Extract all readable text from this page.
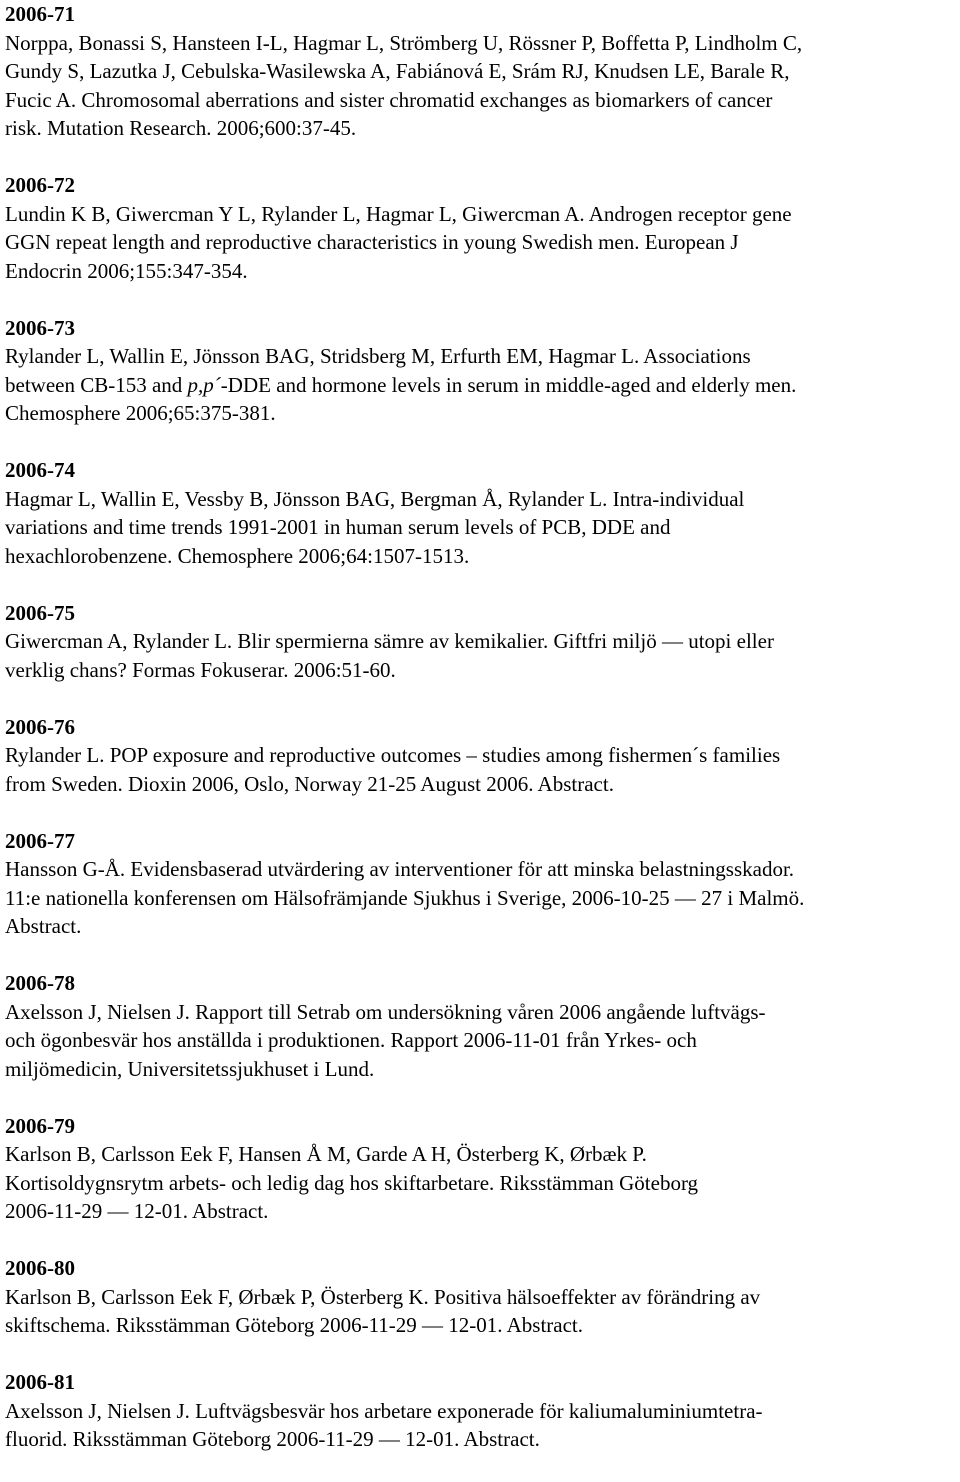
2006-71
Norppa, Bonassi S, Hansteen I-L, Hagmar L, Strömberg U, Rössner P, Boffetta P, Lindholm C,
Gundy S, Lazutka J, Cebulska-Wasilewska A, Fabiánová E, Srám RJ, Knudsen LE, Barale R,
Fucic A. Chromosomal aberrations and sister chromatid exchanges as biomarkers of cancer
risk. Mutation Research. 2006;600:37-45.
2006-72
Lundin K B, Giwercman Y L, Rylander L, Hagmar L, Giwercman A. Androgen receptor gene
GGN repeat length and reproductive characteristics in young Swedish men. European J
Endocrin 2006;155:347-354.
2006-73
Rylander L, Wallin E, Jönsson BAG, Stridsberg M, Erfurth EM, Hagmar L. Associations
between CB-153 and p,p´-DDE and hormone levels in serum in middle-aged and elderly men.
Chemosphere 2006;65:375-381.
2006-74
Hagmar L, Wallin E, Vessby B, Jönsson BAG, Bergman Å, Rylander L. Intra-individual
variations and time trends 1991-2001 in human serum levels of PCB, DDE and
hexachlorobenzene. Chemosphere 2006;64:1507-1513.
2006-75
Giwercman A, Rylander L. Blir spermierna sämre av kemikalier. Giftfri miljö — utopi eller
verklig chans? Formas Fokuserar. 2006:51-60.
2006-76
Rylander L. POP exposure and reproductive outcomes – studies among fishermen´s families
from Sweden. Dioxin 2006, Oslo, Norway 21-25 August 2006. Abstract.
2006-77
Hansson G-Å. Evidensbaserad utvärdering av interventioner för att minska belastningsskador.
11:e nationella konferensen om Hälsofrämjande Sjukhus i Sverige, 2006-10-25 — 27 i Malmö.
Abstract.
2006-78
Axelsson J, Nielsen J. Rapport till Setrab om undersökning våren 2006 angående luftvägs-
och ögonbesvär hos anställda i produktionen. Rapport 2006-11-01 från Yrkes- och
miljömedicin, Universitetssjukhuset i Lund.
2006-79
Karlson B, Carlsson Eek F, Hansen Å M, Garde A H, Österberg K, Ørbæk P.
Kortisoldygnsrytm arbets- och ledig dag hos skiftarbetare. Riksstämman Göteborg
2006-11-29 — 12-01. Abstract.
2006-80
Karlson B, Carlsson Eek F, Ørbæk P, Österberg K. Positiva hälsoeffekter av förändring av
skiftschema. Riksstämman Göteborg 2006-11-29 — 12-01. Abstract.
2006-81
Axelsson J, Nielsen J. Luftvägsbesvär hos arbetare exponerade för kaliumaluminiumtetra-
fluorid. Riksstämman Göteborg 2006-11-29 — 12-01. Abstract.
